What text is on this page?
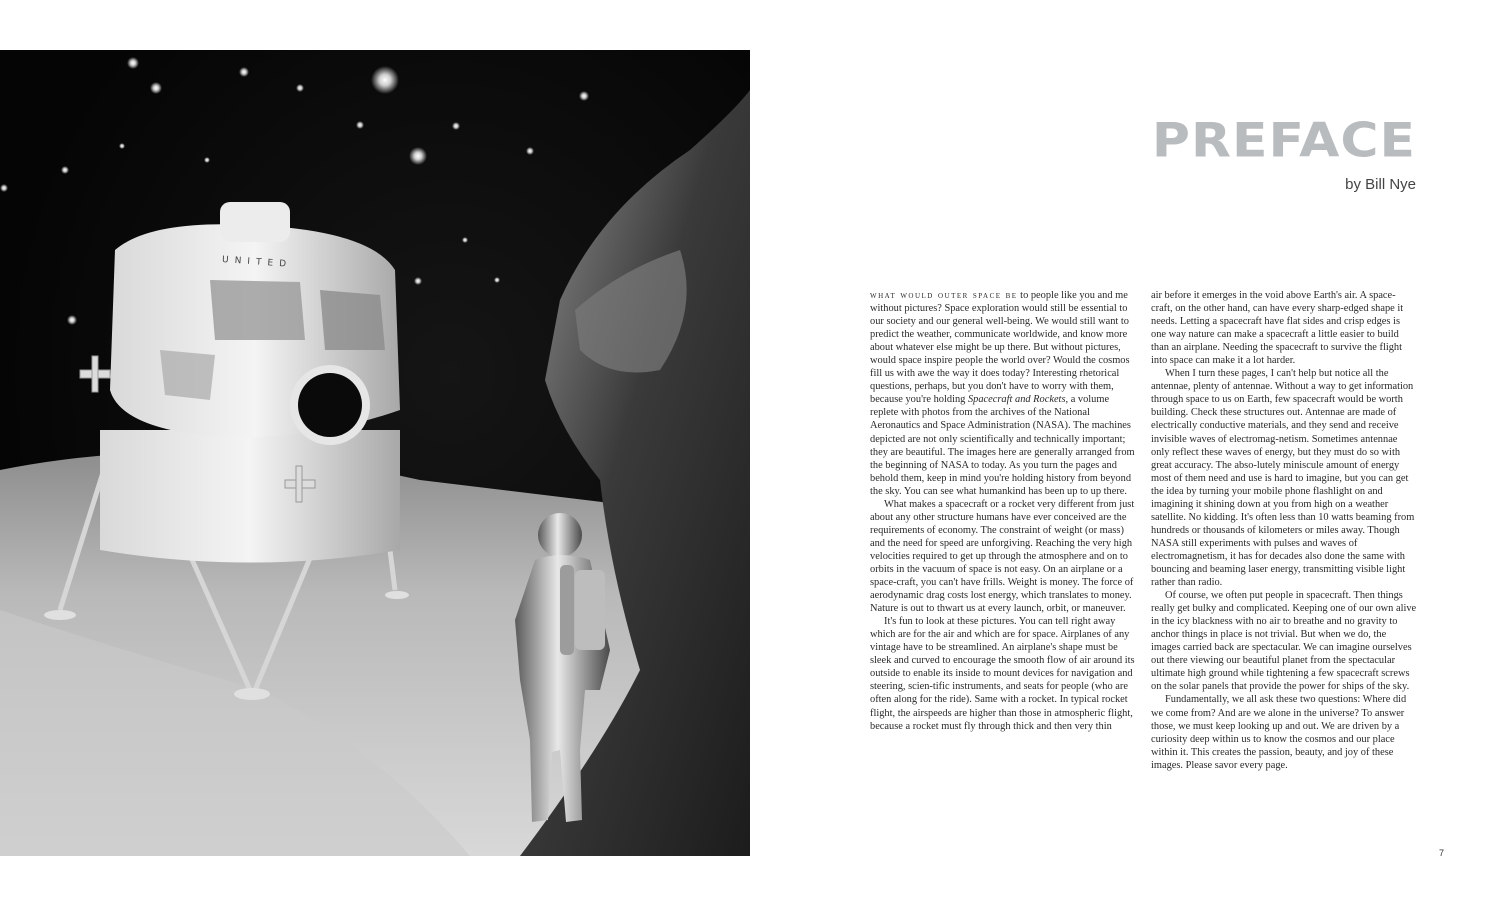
UNITED
PREFACE
by Bill Nye

what would outer space be to people like you and me without pictures? Space exploration would still be essential to our society and our general well-being. We would still want to predict the weather, communicate worldwide, and know more about whatever else might be up there. But without pictures, would space inspire people the world over? Would the cosmos fill us with awe the way it does today? Interesting rhetorical questions, perhaps, but you don't have to worry with them, because you're holding Spacecraft and Rockets, a volume replete with photos from the archives of the National Aeronautics and Space Administration (NASA). The machines depicted are not only scientifically and technically important; they are beautiful. The images here are generally arranged from the beginning of NASA to today. As you turn the pages and behold them, keep in mind you're holding history from beyond the sky. You can see what humankind has been up to up there.

What makes a spacecraft or a rocket very different from just about any other structure humans have ever conceived are the requirements of economy. The constraint of weight (or mass) and the need for speed are unforgiving. Reaching the very high velocities required to get up through the atmosphere and on to orbits in the vacuum of space is not easy. On an airplane or a space-craft, you can't have frills. Weight is money. The force of aerodynamic drag costs lost energy, which translates to money. Nature is out to thwart us at every launch, orbit, or maneuver.

It's fun to look at these pictures. You can tell right away which are for the air and which are for space. Airplanes of any vintage have to be streamlined. An airplane's shape must be sleek and curved to encourage the smooth flow of air around its outside to enable its inside to mount devices for navigation and steering, scien-tific instruments, and seats for people (who are often along for the ride). Same with a rocket. In typical rocket flight, the airspeeds are higher than those in atmospheric flight, because a rocket must fly through thick and then very thin

air before it emerges in the void above Earth's air. A space-craft, on the other hand, can have every sharp-edged shape it needs. Letting a spacecraft have flat sides and crisp edges is one way nature can make a spacecraft a little easier to build than an airplane. Needing the spacecraft to survive the flight into space can make it a lot harder.

When I turn these pages, I can't help but notice all the antennae, plenty of antennae. Without a way to get information through space to us on Earth, few spacecraft would be worth building. Check these structures out. Antennae are made of electrically conductive materials, and they send and receive invisible waves of electromag-netism. Sometimes antennae only reflect these waves of energy, but they must do so with great accuracy. The abso-lutely miniscule amount of energy most of them need and use is hard to imagine, but you can get the idea by turning your mobile phone flashlight on and imagining it shining down at you from high on a weather satellite. No kidding. It's often less than 10 watts beaming from hundreds or thousands of kilometers or miles away. Though NASA still experiments with pulses and waves of electromagnetism, it has for decades also done the same with bouncing and beaming laser energy, transmitting visible light rather than radio.

Of course, we often put people in spacecraft. Then things really get bulky and complicated. Keeping one of our own alive in the icy blackness with no air to breathe and no gravity to anchor things in place is not trivial. But when we do, the images carried back are spectacular. We can imagine ourselves out there viewing our beautiful planet from the spectacular ultimate high ground while tightening a few spacecraft screws on the solar panels that provide the power for ships of the sky.

Fundamentally, we all ask these two questions: Where did we come from? And are we alone in the universe? To answer those, we must keep looking up and out. We are driven by a curiosity deep within us to know the cosmos and our place within it. This creates the passion, beauty, and joy of these images. Please savor every page.

7
